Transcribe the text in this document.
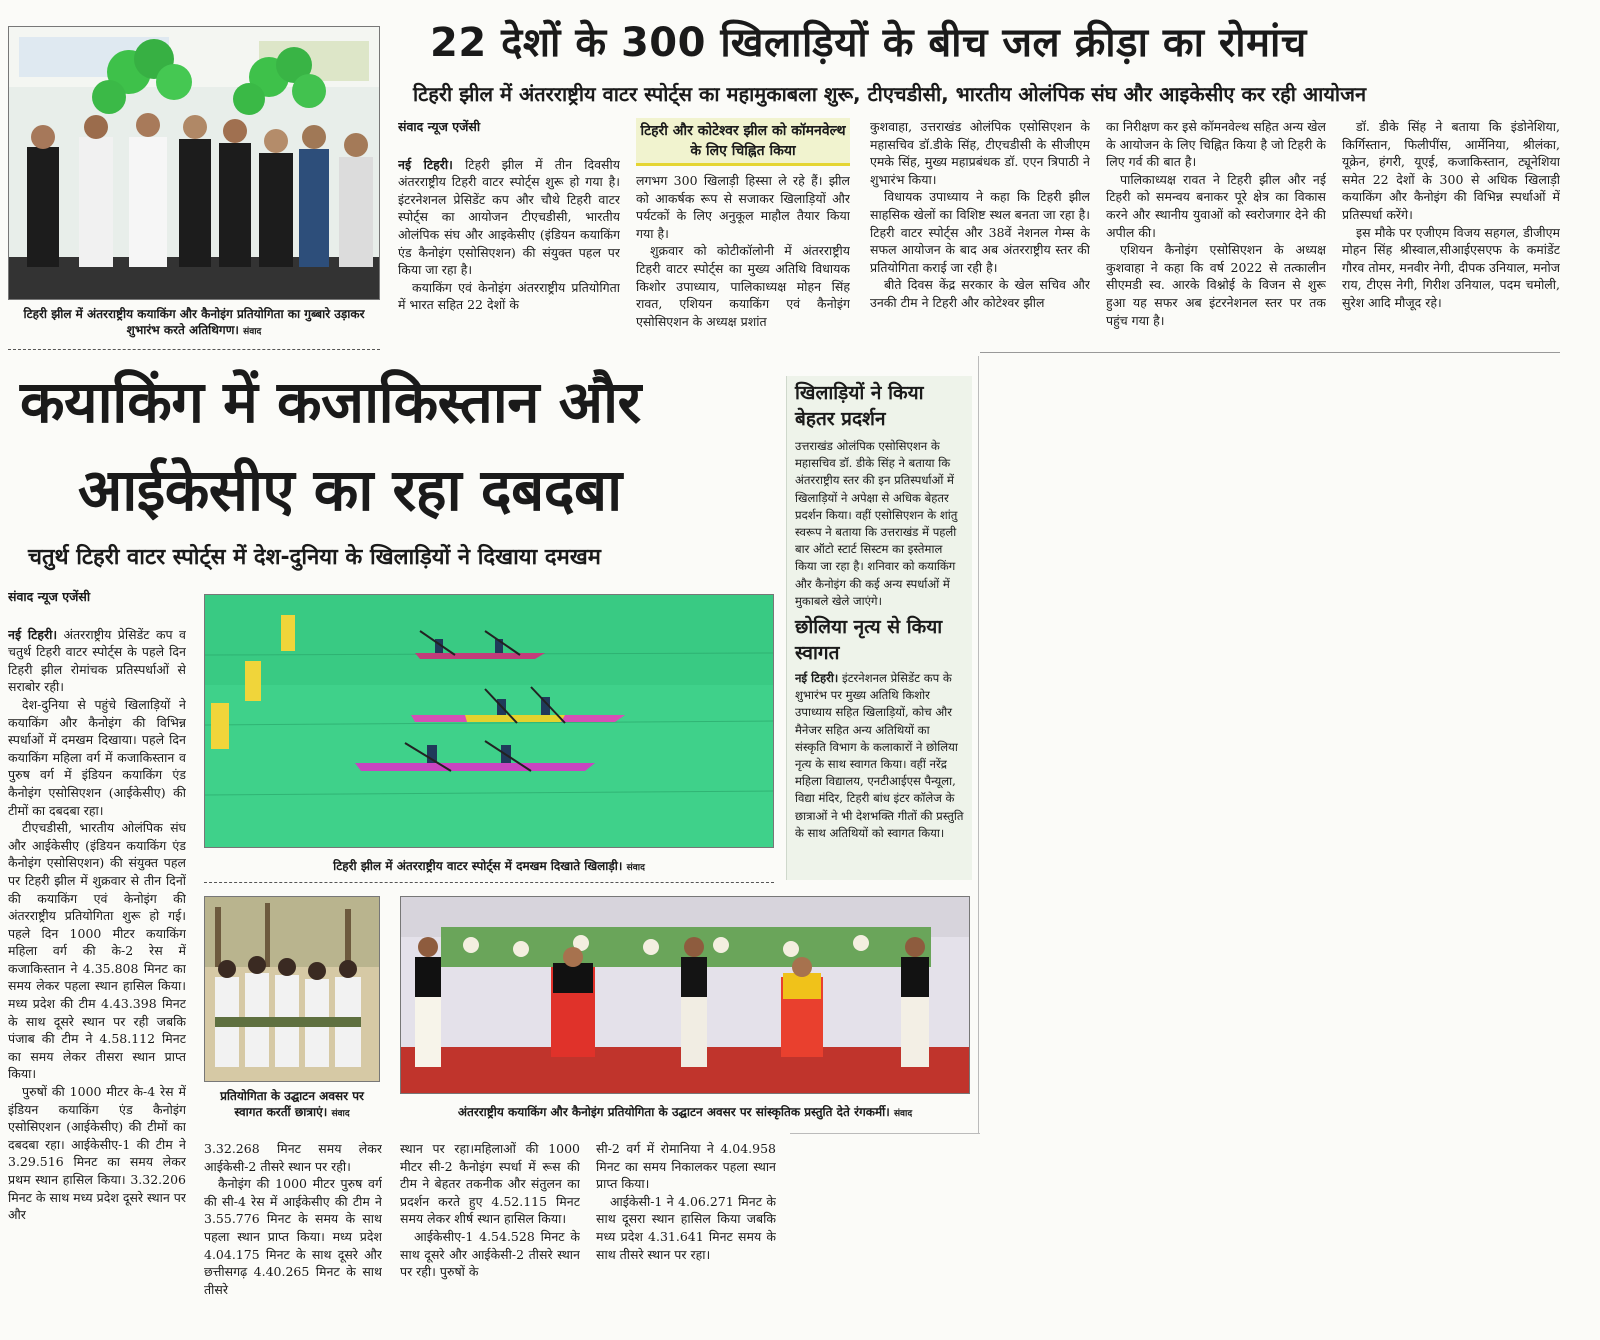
टिहरी झील में अंतरराष्ट्रीय कयाकिंग और कैनोइंग प्रतियोगिता का गुब्बारे उड़ाकर शुभारंभ करते अतिथिगण। संवाद
22 देशों के 300 खिलाड़ियों के बीच जल क्रीड़ा का रोमांच
टिहरी झील में अंतरराष्ट्रीय वाटर स्पोर्ट्स का महामुकाबला शुरू, टीएचडीसी, भारतीय ओलंपिक संघ और आइकेसीए कर रही आयोजन
संवाद न्यूज एजेंसी

नई टिहरी। टिहरी झील में तीन दिवसीय अंतरराष्ट्रीय टिहरी वाटर स्पोर्ट्स शुरू हो गया है। इंटरनेशनल प्रेसिडेंट कप और चौथे टिहरी वाटर स्पोर्ट्स का आयोजन टीएचडीसी, भारतीय ओलंपिक संघ और आइकेसीए (इंडियन कयाकिंग एंड कैनोइंग एसोसिएशन) की संयुक्त पहल पर किया जा रहा है।

कयाकिंग एवं केनोइंग अंतरराष्ट्रीय प्रतियोगिता में भारत सहित 22 देशों के

टिहरी और कोटेश्वर झील को कॉमनवेल्थ के लिए चिह्नित किया

लगभग 300 खिलाड़ी हिस्सा ले रहे हैं। झील को आकर्षक रूप से सजाकर खिलाड़ियों और पर्यटकों के लिए अनुकूल माहौल तैयार किया गया है।

शुक्रवार को कोटीकॉलोनी में अंतरराष्ट्रीय टिहरी वाटर स्पोर्ट्स का मुख्य अतिथि विधायक किशोर उपाध्याय, पालिकाध्यक्ष मोहन सिंह रावत, एशियन कयाकिंग एवं कैनोइंग एसोसिएशन के अध्यक्ष प्रशांत

कुशवाहा, उत्तराखंड ओलंपिक एसोसिएशन के महासचिव डॉ.डीके सिंह, टीएचडीसी के सीजीएम एमके सिंह, मुख्य महाप्रबंधक डॉ. एएन त्रिपाठी ने शुभारंभ किया।

विधायक उपाध्याय ने कहा कि टिहरी झील साहसिक खेलों का विशिष्ट स्थल बनता जा रहा है। टिहरी वाटर स्पोर्ट्स और 38वें नेशनल गेम्स के सफल आयोजन के बाद अब अंतरराष्ट्रीय स्तर की प्रतियोगिता कराई जा रही है।

बीते दिवस केंद्र सरकार के खेल सचिव और उनकी टीम ने टिहरी और कोटेश्वर झील

का निरीक्षण कर इसे कॉमनवेल्थ सहित अन्य खेल के आयोजन के लिए चिह्नित किया है जो टिहरी के लिए गर्व की बात है।

पालिकाध्यक्ष रावत ने टिहरी झील और नई टिहरी को समन्वय बनाकर पूरे क्षेत्र का विकास करने और स्थानीय युवाओं को स्वरोजगार देने की अपील की।

एशियन कैनोइंग एसोसिएशन के अध्यक्ष कुशवाहा ने कहा कि वर्ष 2022 से तत्कालीन सीएमडी स्व. आरके विश्नोई के विजन से शुरू हुआ यह सफर अब इंटरनेशनल स्तर पर तक पहुंच गया है।

डॉ. डीके सिंह ने बताया कि इंडोनेशिया, किर्गिस्तान, फिलीपींस, आर्मेनिया, श्रीलंका, यूक्रेन, हंगरी, यूएई, कजाकिस्तान, ट्यूनेशिया समेत 22 देशों के 300 से अधिक खिलाड़ी कयाकिंग और कैनोइंग की विभिन्न स्पर्धाओं में प्रतिस्पर्धा करेंगे।

इस मौके पर एजीएम विजय सहगल, डीजीएम मोहन सिंह श्रीस्वाल,सीआईएसएफ के कमांडेंट गौरव तोमर, मनवीर नेगी, दीपक उनियाल, मनोज राय, टीएस नेगी, गिरीश उनियाल, पदम चमोली, सुरेश आदि मौजूद रहे।

कयाकिंग में कजाकिस्तान और
आईकेसीए का रहा दबदबा
चतुर्थ टिहरी वाटर स्पोर्ट्स में देश-दुनिया के खिलाड़ियों ने दिखाया दमखम
संवाद न्यूज एजेंसी

नई टिहरी। अंतरराष्ट्रीय प्रेसिडेंट कप व चतुर्थ टिहरी वाटर स्पोर्ट्स के पहले दिन टिहरी झील रोमांचक प्रतिस्पर्धाओं से सराबोर रही।

देश-दुनिया से पहुंचे खिलाड़ियों ने कयाकिंग और कैनोइंग की विभिन्न स्पर्धाओं में दमखम दिखाया। पहले दिन कयाकिंग महिला वर्ग में कजाकिस्तान व पुरुष वर्ग में इंडियन कयाकिंग एंड कैनोइंग एसोसिएशन (आईकेसीए) की टीमों का दबदबा रहा।

टीएचडीसी, भारतीय ओलंपिक संघ और आईकेसीए (इंडियन कयाकिंग एंड कैनोइंग एसोसिएशन) की संयुक्त पहल पर टिहरी झील में शुक्रवार से तीन दिनों की कयाकिंग एवं केनोइंग की अंतरराष्ट्रीय प्रतियोगिता शुरू हो गई। पहले दिन 1000 मीटर कयाकिंग महिला वर्ग की के-2 रेस में कजाकिस्तान ने 4.35.808 मिनट का समय लेकर पहला स्थान हासिल किया। मध्य प्रदेश की टीम 4.43.398 मिनट के साथ दूसरे स्थान पर रही जबकि पंजाब की टीम ने 4.58.112 मिनट का समय लेकर तीसरा स्थान प्राप्त किया।

पुरुषों की 1000 मीटर के-4 रेस में इंडियन कयाकिंग एंड कैनोइंग एसोसिएशन (आईकेसीए) की टीमों का दबदबा रहा। आईकेसीए-1 की टीम ने 3.29.516 मिनट का समय लेकर प्रथम स्थान हासिल किया। 3.32.206 मिनट के साथ मध्य प्रदेश दूसरे स्थान पर और

टिहरी झील में अंतरराष्ट्रीय वाटर स्पोर्ट्स में दमखम दिखाते खिलाड़ी। संवाद
खिलाड़ियों ने किया बेहतर प्रदर्शन

उत्तराखंड ओलंपिक एसोसिएशन के महासचिव डॉ. डीके सिंह ने बताया कि अंतरराष्ट्रीय स्तर की इन प्रतिस्पर्धाओं में खिलाड़ियों ने अपेक्षा से अधिक बेहतर प्रदर्शन किया। वहीं एसोसिएशन के शांतु स्वरूप ने बताया कि उत्तराखंड में पहली बार ऑटो स्टार्ट सिस्टम का इस्तेमाल किया जा रहा है। शनिवार को कयाकिंग और कैनोइंग की कई अन्य स्पर्धाओं में मुकाबले खेले जाएंगे।

छोलिया नृत्य से किया स्वागत

नई टिहरी। इंटरनेशनल प्रेसिडेंट कप के शुभारंभ पर मुख्य अतिथि किशोर उपाध्याय सहित खिलाड़ियों, कोच और मैनेजर सहित अन्य अतिथियों का संस्कृति विभाग के कलाकारों ने छोलिया नृत्य के साथ स्वागत किया। वहीं नरेंद्र महिला विद्यालय, एनटीआईएस पैन्यूला, विद्या मंदिर, टिहरी बांध इंटर कॉलेज के छात्राओं ने भी देशभक्ति गीतों की प्रस्तुति के साथ अतिथियों को स्वागत किया।

प्रतियोगिता के उद्घाटन अवसर पर स्वागत करतीं छात्राएं। संवाद	अंतरराष्ट्रीय कयाकिंग और कैनोइंग प्रतियोगिता के उद्घाटन अवसर पर सांस्कृतिक प्रस्तुति देते रंगकर्मी। संवाद

3.32.268 मिनट समय लेकर आईकेसी-2 तीसरे स्थान पर रही।

कैनोइंग की 1000 मीटर पुरुष वर्ग की सी-4 रेस में आईकेसीए की टीम ने 3.55.776 मिनट के समय के साथ पहला स्थान प्राप्त किया। मध्य प्रदेश 4.04.175 मिनट के साथ दूसरे और छत्तीसगढ़ 4.40.265 मिनट के साथ तीसरे

स्थान पर रहा।महिलाओं की 1000 मीटर सी-2 कैनोइंग स्पर्धा में रूस की टीम ने बेहतर तकनीक और संतुलन का प्रदर्शन करते हुए 4.52.115 मिनट समय लेकर शीर्ष स्थान हासिल किया।

आईकेसीए-1 4.54.528 मिनट के साथ दूसरे और आईकेसी-2 तीसरे स्थान पर रही। पुरुषों के

सी-2 वर्ग में रोमानिया ने 4.04.958 मिनट का समय निकालकर पहला स्थान प्राप्त किया।

आईकेसी-1 ने 4.06.271 मिनट के साथ दूसरा स्थान हासिल किया जबकि मध्य प्रदेश 4.31.641 मिनट समय के साथ तीसरे स्थान पर रहा।
